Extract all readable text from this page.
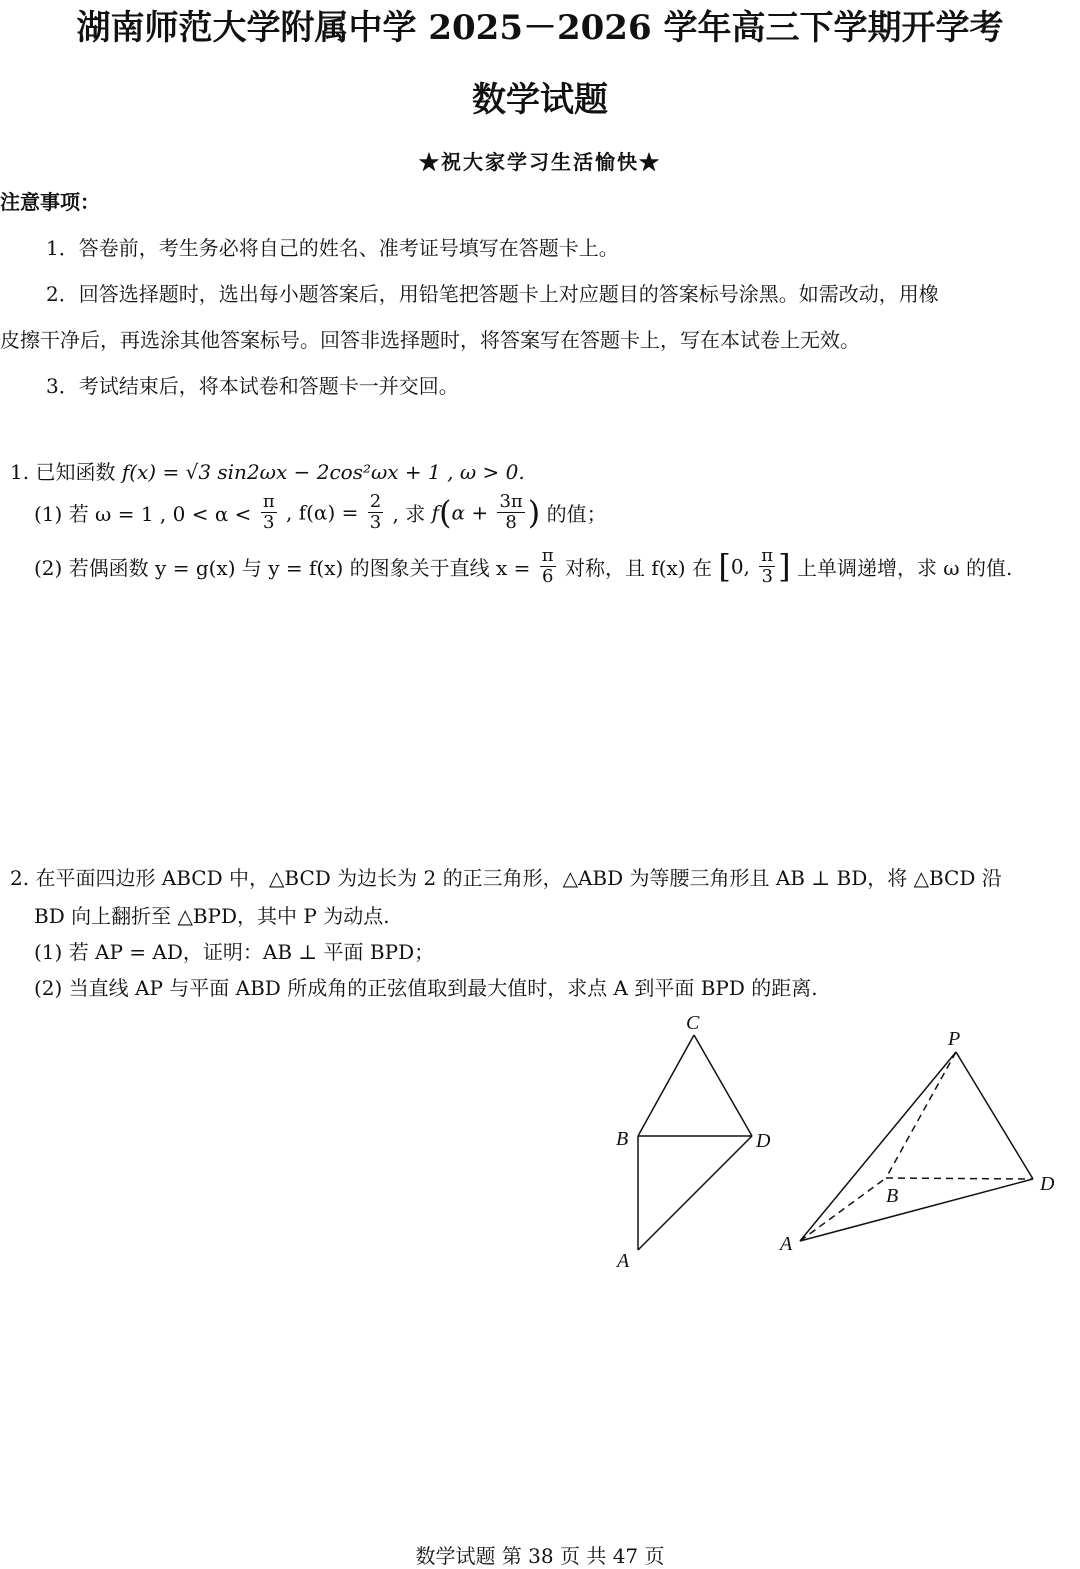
湖南师范大学附属中学 2025－2026 学年高三下学期开学考
数学试题
★祝大家学习生活愉快★
注意事项：
1．答卷前，考生务必将自己的姓名、准考证号填写在答题卡上。
2．回答选择题时，选出每小题答案后，用铅笔把答题卡上对应题目的答案标号涂黑。如需改动，用橡
皮擦干净后，再选涂其他答案标号。回答非选择题时，将答案写在答题卡上，写在本试卷上无效。
3．考试结束后，将本试卷和答题卡一并交回。
1. 已知函数 f(x) = √3 sin2ωx − 2cos²ωx + 1 , ω > 0.
(1) 若 ω = 1 , $0 < \alpha < \frac{\pi}{3}$ , $f(\alpha) = \frac{2}{3}$ , 求 $f(\alpha + \frac{3\pi}{8}$ ) 的值；
(2) 若偶函数 y = g(x) 与 y = f(x) 的图象关于直线 $x = \frac{\pi}{6}$ 对称，且 f(x) 在 [0, $\frac{\pi}{3}$ ] 上单调递增，求 ω 的值.
2. 在平面四边形 ABCD 中，△BCD 为边长为 2 的正三角形，△ABD 为等腰三角形且 AB ⊥ BD，将 △BCD 沿
BD 向上翻折至 △BPD，其中 P 为动点.
(1) 若 AP = AD，证明：AB ⊥ 平面 BPD；
(2) 当直线 AP 与平面 ABD 所成角的正弦值取到最大值时，求点 A 到平面 BPD 的距离.
C
B	D
A
P
B
D
A
数学试题 第 38 页 共 47 页
